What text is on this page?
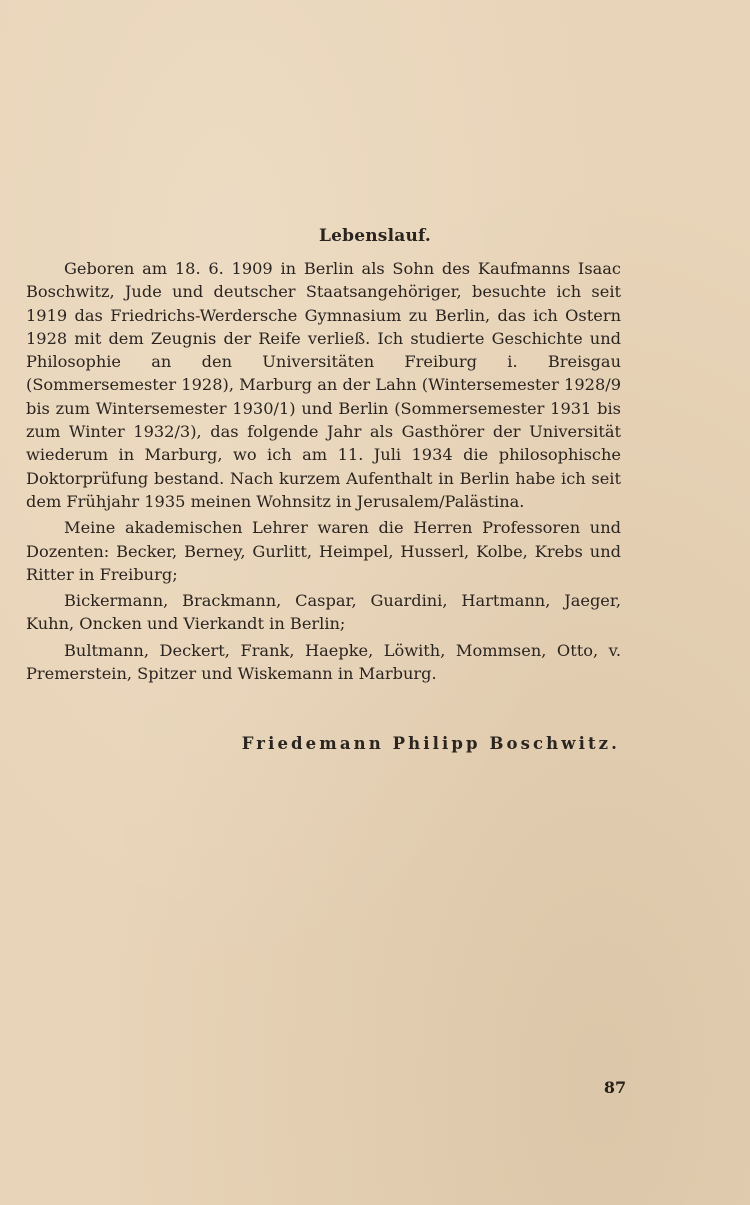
Lebenslauf.

Geboren am 18. 6. 1909 in Berlin als Sohn des Kaufmanns Isaac Boschwitz, Jude und deutscher Staatsangehöriger, besuchte ich seit 1919 das Friedrichs-Werdersche Gymnasium zu Berlin, das ich Ostern 1928 mit dem Zeugnis der Reife verließ. Ich studierte Geschichte und Philosophie an den Universitäten Freiburg i. Breisgau (Sommersemester 1928), Marburg an der Lahn (Wintersemester 1928/9 bis zum Wintersemester 1930/1) und Berlin (Sommersemester 1931 bis zum Winter 1932/3), das folgende Jahr als Gasthörer der Universität wiederum in Marburg, wo ich am 11. Juli 1934 die philosophische Doktorprüfung bestand. Nach kurzem Aufenthalt in Berlin habe ich seit dem Frühjahr 1935 meinen Wohnsitz in Jerusalem/Palästina.

Meine akademischen Lehrer waren die Herren Professoren und Dozenten: Becker, Berney, Gurlitt, Heimpel, Husserl, Kolbe, Krebs und Ritter in Freiburg;

Bickermann, Brackmann, Caspar, Guardini, Hartmann, Jaeger, Kuhn, Oncken und Vierkandt in Berlin;

Bultmann, Deckert, Frank, Haepke, Löwith, Mommsen, Otto, v. Premerstein, Spitzer und Wiskemann in Marburg.

Friedemann Philipp Boschwitz.
87
